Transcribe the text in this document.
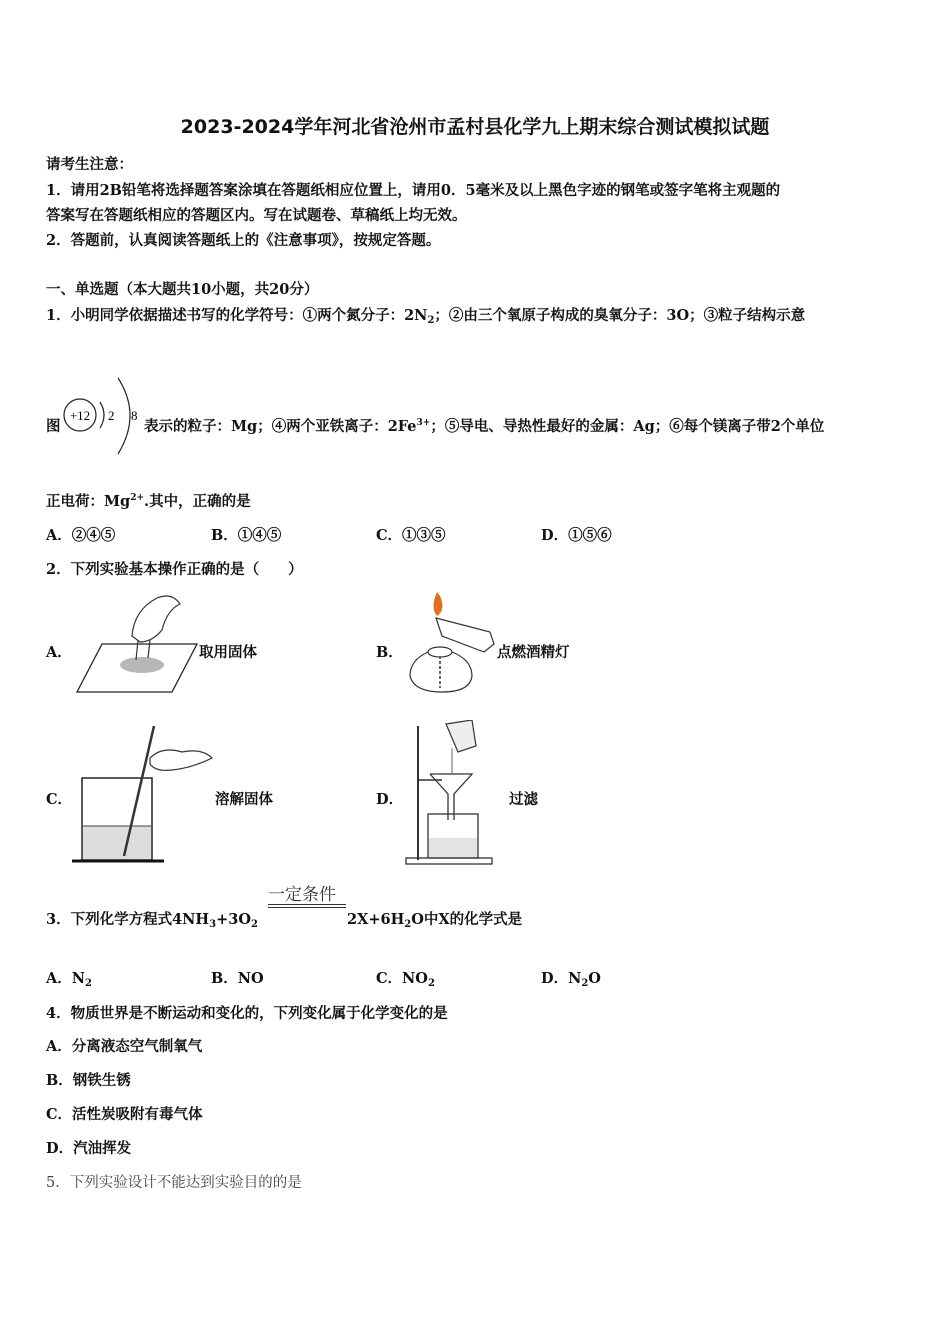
2023-2024学年河北省沧州市孟村县化学九上期末综合测试模拟试题
请考生注意：
1．请用2B铅笔将选择题答案涂填在答题纸相应位置上，请用0．5毫米及以上黑色字迹的钢笔或签字笔将主观题的
答案写在答题纸相应的答题区内。写在试题卷、草稿纸上均无效。
2．答题前，认真阅读答题纸上的《注意事项》，按规定答题。
一、单选题（本大题共10小题，共20分）
1．小明同学依据描述书写的化学符号：①两个氮分子：$2N_2$；②由三个氧原子构成的臭氧分子：3O；③粒子结构示意
图
+12 2 8
表示的粒子：Mg；④两个亚铁离子：$2Fe^{3+}$；⑤导电、导热性最好的金属：Ag；⑥每个镁离子带2个单位
正电荷：$Mg^{2+}$.其中，正确的是
A．②④⑤	B．①④⑤	C．①③⑤	D．①⑤⑥
2．下列实验基本操作正确的是（　　）
A．	取用固体	B．	点燃酒精灯
C．	溶解固体	D．	过滤
3．下列化学方程式$4NH_3+3O_2$
一定条件
$2X+6H_2O$中X的化学式是
A．$N_2$	B．NO	C．$NO_2$	D．$N_2O$
4．物质世界是不断运动和变化的，下列变化属于化学变化的是
A．分离液态空气制氧气
B．钢铁生锈
C．活性炭吸附有毒气体
D．汽油挥发
5．下列实验设计不能达到实验目的的是
